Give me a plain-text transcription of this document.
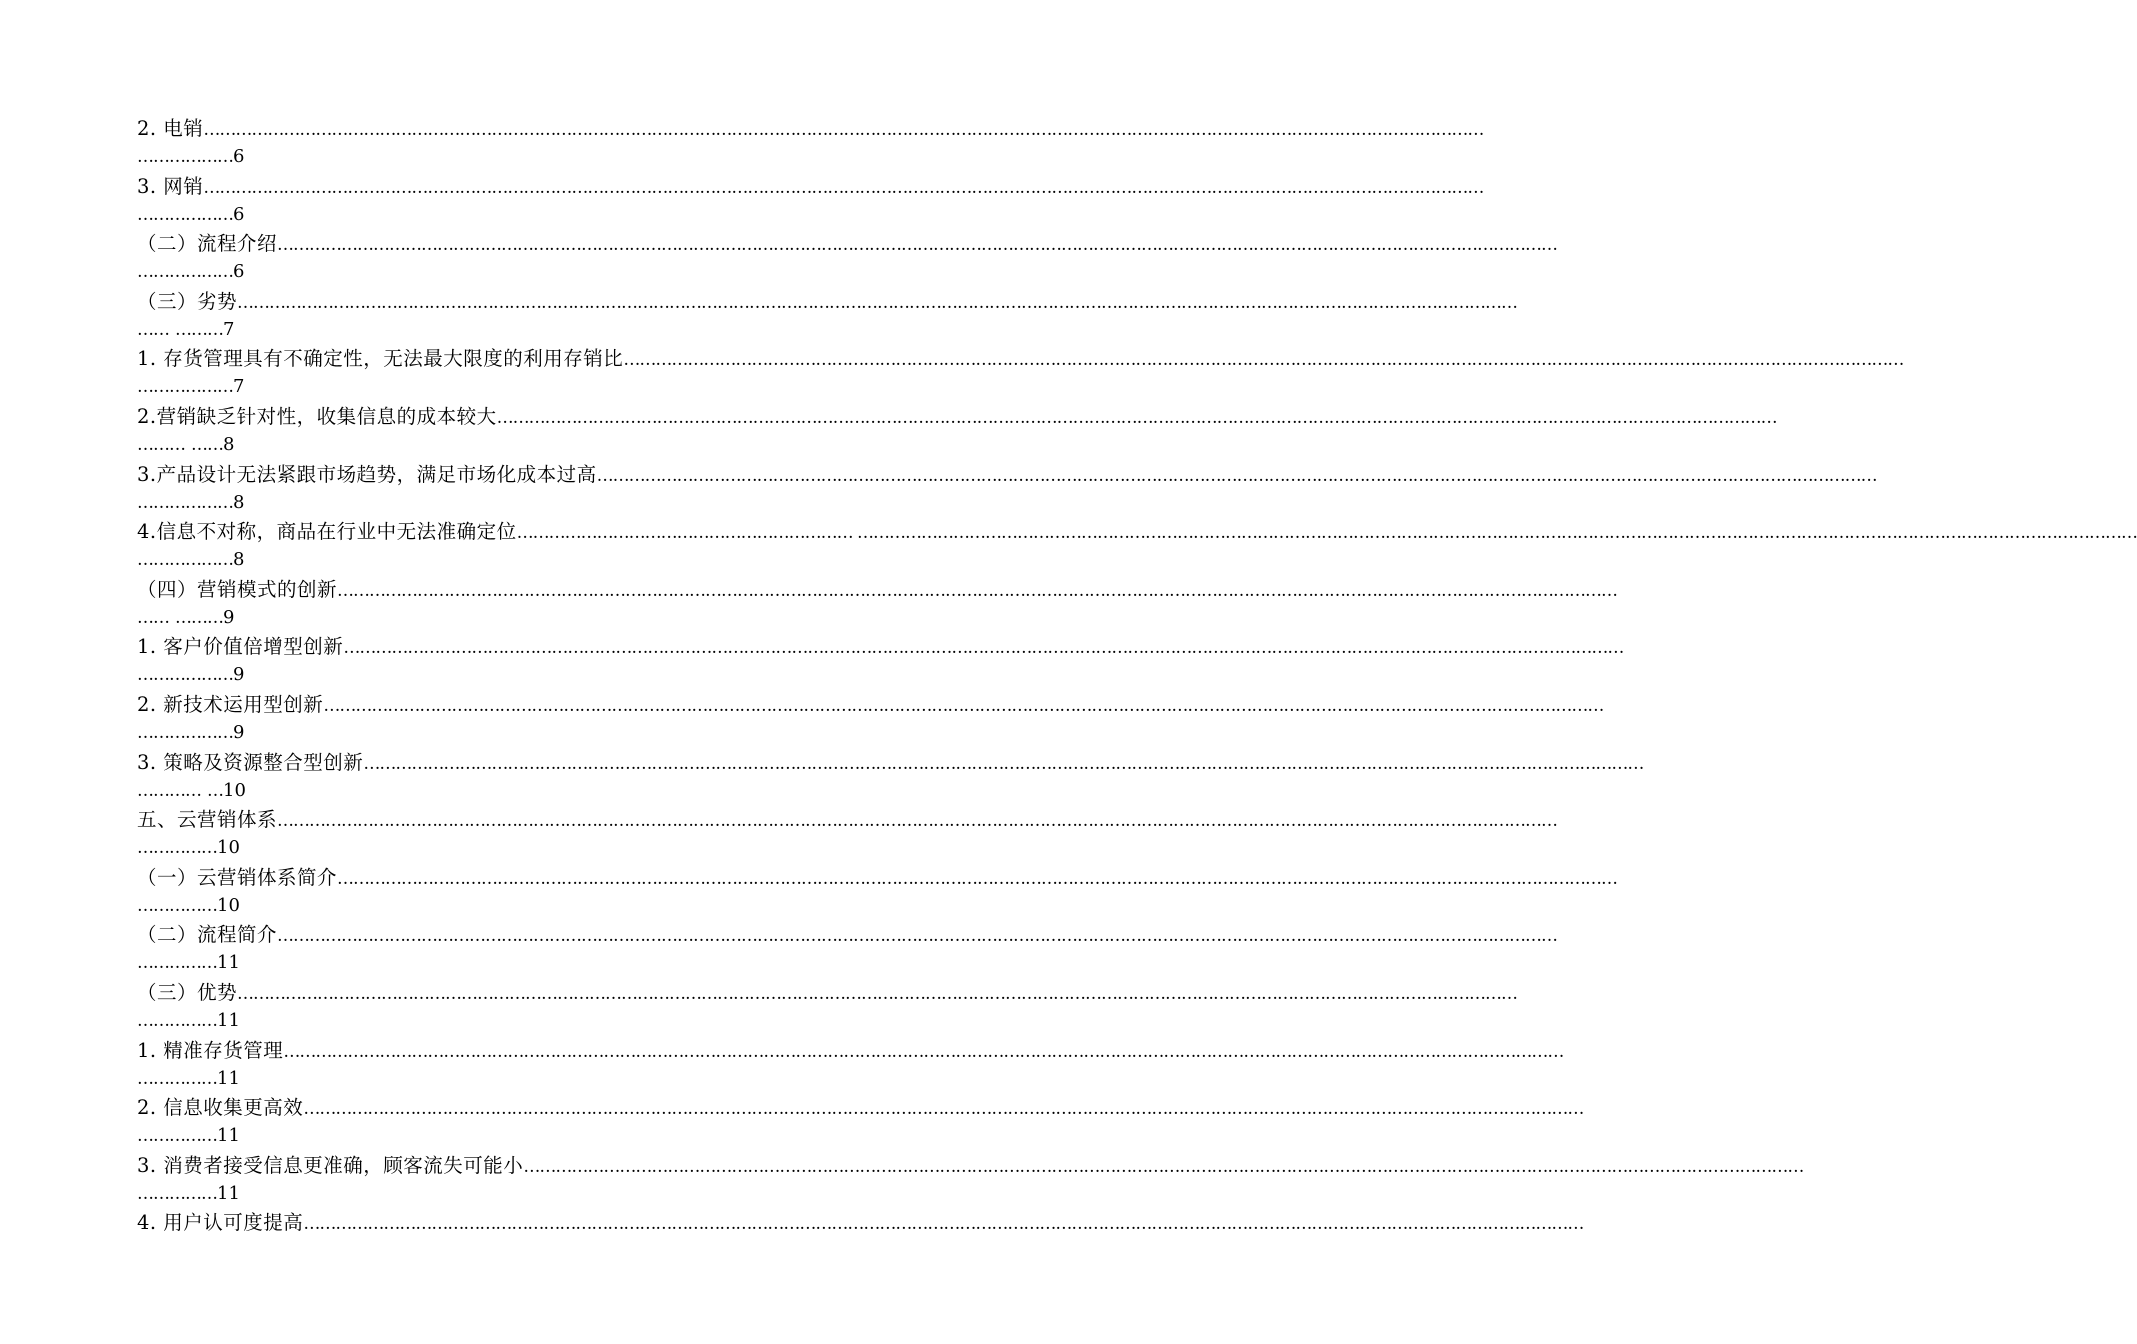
2. 电销 ……………………………………………………………………………………………………………………………………………………………………………………………………………………
………………6
3. 网销 ……………………………………………………………………………………………………………………………………………………………………………………………………………………
………………6
（二）流程介绍 ……………………………………………………………………………………………………………………………………………………………………………………………………………………
………………6
（三）劣势 ……………………………………………………………………………………………………………………………………………………………………………………………………………………
…… ………7
1. 存货管理具有不确定性，无法最大限度的利用存销比 ……………………………………………………………………………………………………………………………………………………………………………………………………………………
………………7
2.营销缺乏针对性，收集信息的成本较大 ……………………………………………………………………………………………………………………………………………………………………………………………………………………
……… ……8
3.产品设计无法紧跟市场趋势，满足市场化成本过高 ……………………………………………………………………………………………………………………………………………………………………………………………………………………
………………8
4.信息不对称，商品在行业中无法准确定位 ……………………………………………………… ……………………………………………………………………………………………………………………………………………………………………………………………………………………
………………8
（四）营销模式的创新 ……………………………………………………………………………………………………………………………………………………………………………………………………………………
…… ………9
1. 客户价值倍增型创新 ……………………………………………………………………………………………………………………………………………………………………………………………………………………
………………9
2. 新技术运用型创新 ……………………………………………………………………………………………………………………………………………………………………………………………………………………
………………9
3. 策略及资源整合型创新 ……………………………………………………………………………………………………………………………………………………………………………………………………………………
………… …10
五、云营销体系 ……………………………………………………………………………………………………………………………………………………………………………………………………………………
……………10
（一）云营销体系简介 ……………………………………………………………………………………………………………………………………………………………………………………………………………………
……………10
（二）流程简介 ……………………………………………………………………………………………………………………………………………………………………………………………………………………
……………11
（三）优势 ……………………………………………………………………………………………………………………………………………………………………………………………………………………
……………11
1. 精准存货管理 ……………………………………………………………………………………………………………………………………………………………………………………………………………………
……………11
2. 信息收集更高效 ……………………………………………………………………………………………………………………………………………………………………………………………………………………
……………11
3. 消费者接受信息更准确，顾客流失可能小 ……………………………………………………………………………………………………………………………………………………………………………………………………………………
……………11
4. 用户认可度提高 ……………………………………………………………………………………………………………………………………………………………………………………………………………………
